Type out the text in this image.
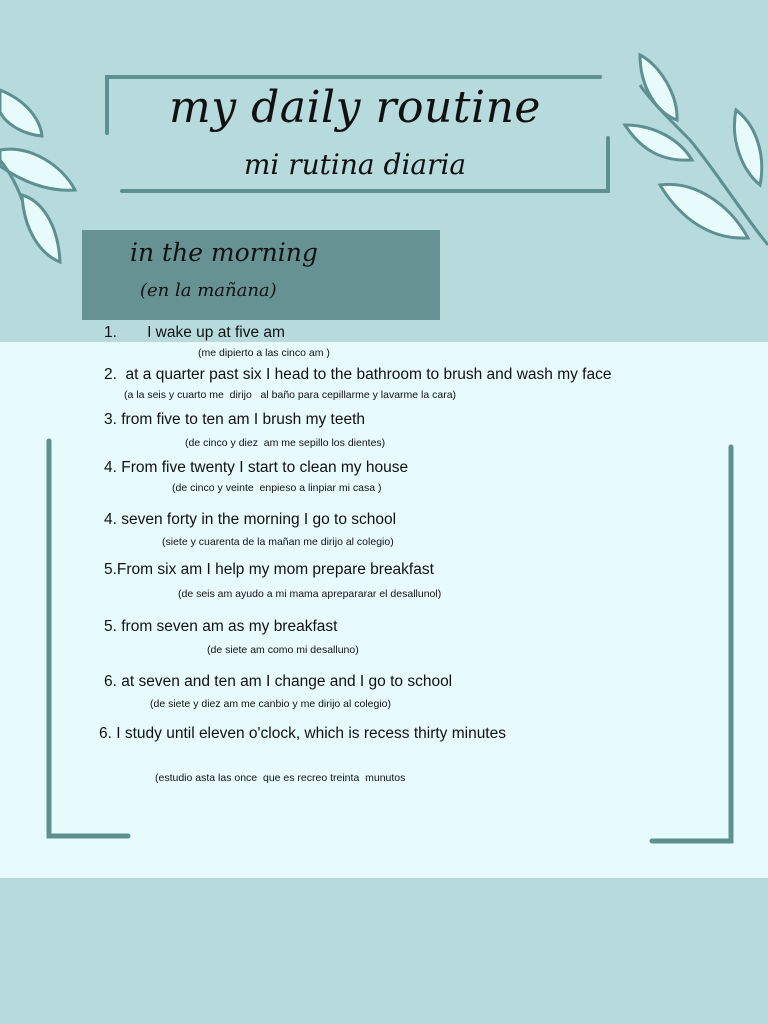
my daily routine
mi rutina diaria
in the morning
(en la mañana)
1.       I wake up at five am
(me dipierto a las cinco am )
2.  at a quarter past six I head to the bathroom to brush and wash my face
(a la seis y cuarto me  dirijo   al baño para cepillarme y lavarme la cara)
3. from five to ten am I brush my teeth
(de cinco y diez  am me sepillo los dientes)
4. From five twenty I start to clean my house
(de cinco y veinte  enpieso a linpiar mi casa )
4. seven forty in the morning I go to school
(siete y cuarenta de la mañan me dirijo al colegio)
5.From six am I help my mom prepare breakfast
(de seis am ayudo a mi mama aprepararar el desallunol)
5. from seven am as my breakfast
(de siete am como mi desalluno)
6. at seven and ten am I change and I go to school
(de siete y diez am me canbio y me dirijo al colegio)
6. I study until eleven o'clock, which is recess thirty minutes
(estudio asta las once  que es recreo treinta  munutos
